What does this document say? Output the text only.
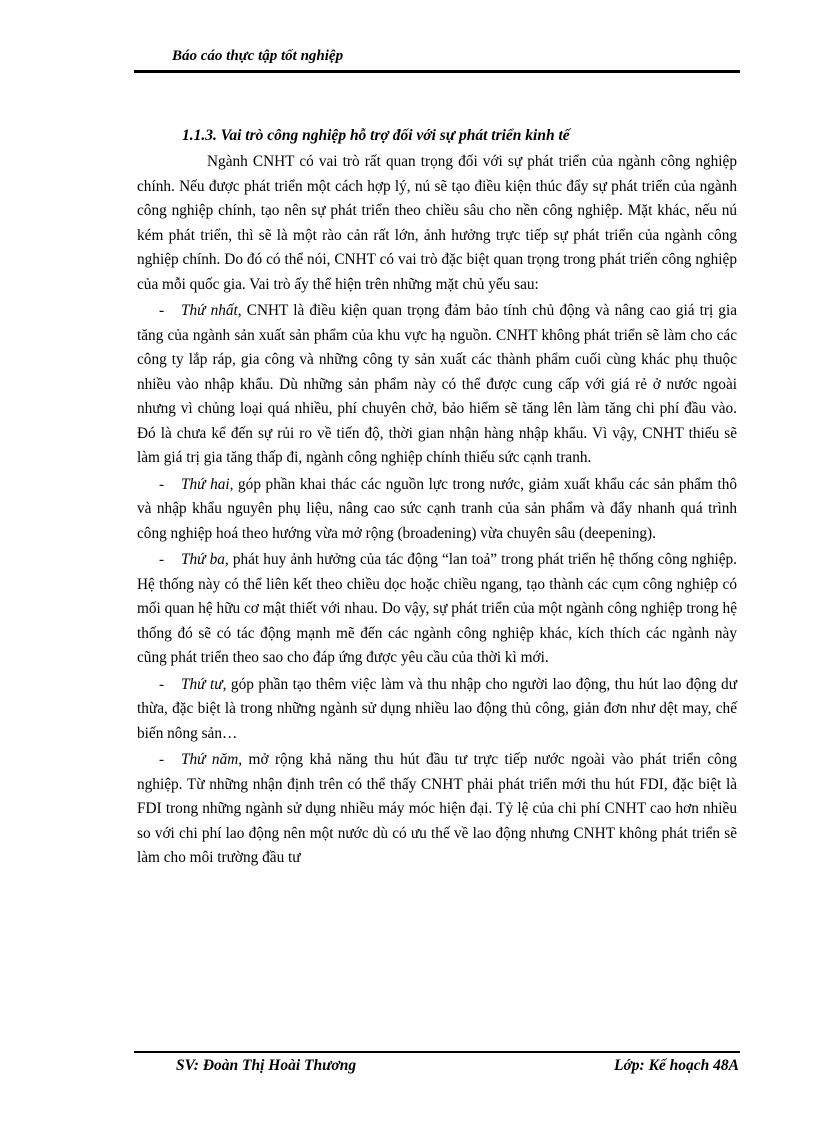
Báo cáo thực tập tốt nghiệp
1.1.3. Vai trò công nghiệp hỗ trợ đối với sự phát triển kinh tế

Ngành CNHT có vai trò rất quan trọng đối với sự phát triển của ngành công nghiệp chính. Nếu được phát triển một cách hợp lý, nú sẽ tạo điều kiện thúc đẩy sự phát triển của ngành công nghiệp chính, tạo nên sự phát triển theo chiều sâu cho nền công nghiệp. Mặt khác, nếu nú kém phát triển, thì sẽ là một rào cản rất lớn, ảnh hưởng trực tiếp sự phát triển của ngành công nghiệp chính. Do đó có thể nói, CNHT có vai trò đặc biệt quan trọng trong phát triển công nghiệp của mỗi quốc gia. Vai trò ấy thể hiện trên những mặt chủ yếu sau:

- Thứ nhất, CNHT là điều kiện quan trọng đảm bảo tính chủ động và nâng cao giá trị gia tăng của ngành sản xuất sản phẩm của khu vực hạ nguồn. CNHT không phát triển sẽ làm cho các công ty lắp ráp, gia công và những công ty sản xuất các thành phẩm cuối cùng khác phụ thuộc nhiều vào nhập khẩu. Dù những sản phẩm này có thể được cung cấp với giá rẻ ở nước ngoài nhưng vì chủng loại quá nhiều, phí chuyên chở, bảo hiểm sẽ tăng lên làm tăng chi phí đầu vào. Đó là chưa kể đến sự rủi ro về tiến độ, thời gian nhận hàng nhập khẩu. Vì vậy, CNHT thiếu sẽ làm giá trị gia tăng thấp đi, ngành công nghiệp chính thiếu sức cạnh tranh.

- Thứ hai, góp phần khai thác các nguồn lực trong nước, giảm xuất khẩu các sản phẩm thô và nhập khẩu nguyên phụ liệu, nâng cao sức cạnh tranh của sản phẩm và đẩy nhanh quá trình công nghiệp hoá theo hướng vừa mở rộng (broadening) vừa chuyên sâu (deepening).

- Thứ ba, phát huy ảnh hưởng của tác động “lan toả” trong phát triển hệ thống công nghiệp. Hệ thống này có thể liên kết theo chiều dọc hoặc chiều ngang, tạo thành các cụm công nghiệp có mối quan hệ hữu cơ mật thiết với nhau. Do vậy, sự phát triển của một ngành công nghiệp trong hệ thống đó sẽ có tác động mạnh mẽ đến các ngành công nghiệp khác, kích thích các ngành này cũng phát triển theo sao cho đáp ứng được yêu cầu của thời kì mới.

- Thứ tư, góp phần tạo thêm việc làm và thu nhập cho người lao động, thu hút lao động dư thừa, đặc biệt là trong những ngành sử dụng nhiều lao động thủ công, giản đơn như dệt may, chế biến nông sản…

- Thứ năm, mở rộng khả năng thu hút đầu tư trực tiếp nước ngoài vào phát triển công nghiệp. Từ những nhận định trên có thể thấy CNHT phải phát triển mới thu hút FDI, đặc biệt là FDI trong những ngành sử dụng nhiều máy móc hiện đại. Tỷ lệ của chi phí CNHT cao hơn nhiều so với chi phí lao động nên một nước dù có ưu thế về lao động nhưng CNHT không phát triển sẽ làm cho môi trường đầu tư

SV: Đoàn Thị Hoài Thương	Lớp: Kế hoạch 48A
